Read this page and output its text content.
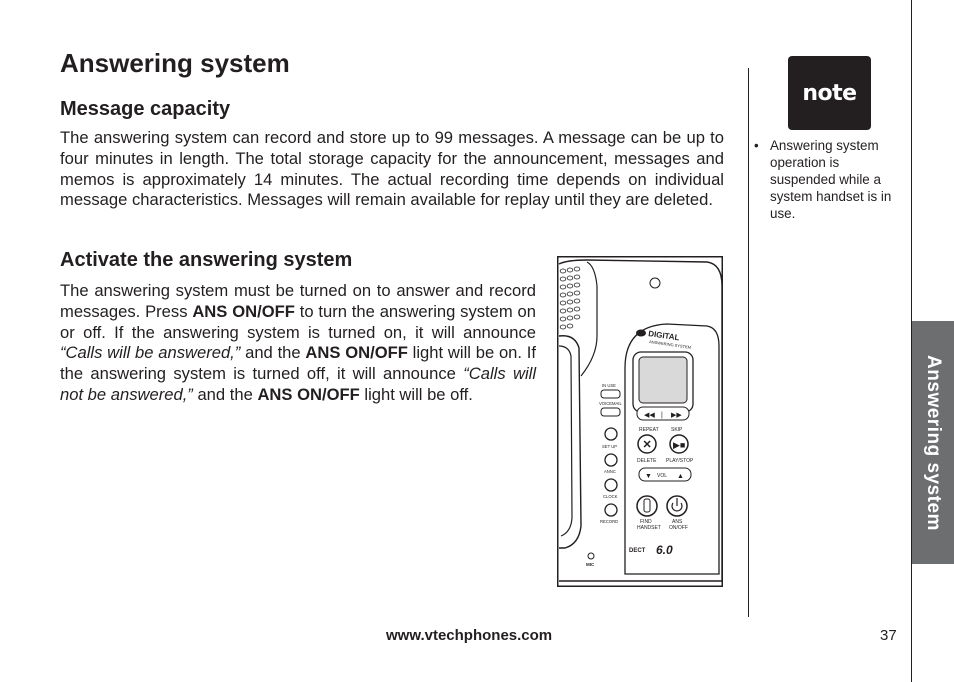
Answering system
Message capacity

The answering system can record and store up to 99 messages. A message can be up to four minutes in length. The total storage capacity for the announcement, messages and memos is approximately 14 minutes. The actual recording time depends on individual message characteristics. Messages will remain available for replay until they are deleted.

Activate the answering system

The answering system must be turned on to answer and record messages. Press ANS ON/OFF to turn the answering system on or off. If the answering system is turned on, it will announce “Calls will be answered,” and the ANS ON/OFF light will be on. If the answering system is turned off, it will announce “Calls will not be answered,” and the ANS ON/OFF light will be off.

note
• Answering system operation is suspended while a system handset is in use.
Answering system
www.vtechphones.com	37
DIGITAL
ANSWERING SYSTEM
◀◀ | ▶▶
REPEAT SKIP
✕ ▶■
DELETE PLAY/STOP
▼ VOL ▲
FIND
HANDSET
ANS
ON/OFF
DECT 6.0
IN USE
VOICEMAIL
SET UP
ANNC
CLOCK
RECORD
MIC
